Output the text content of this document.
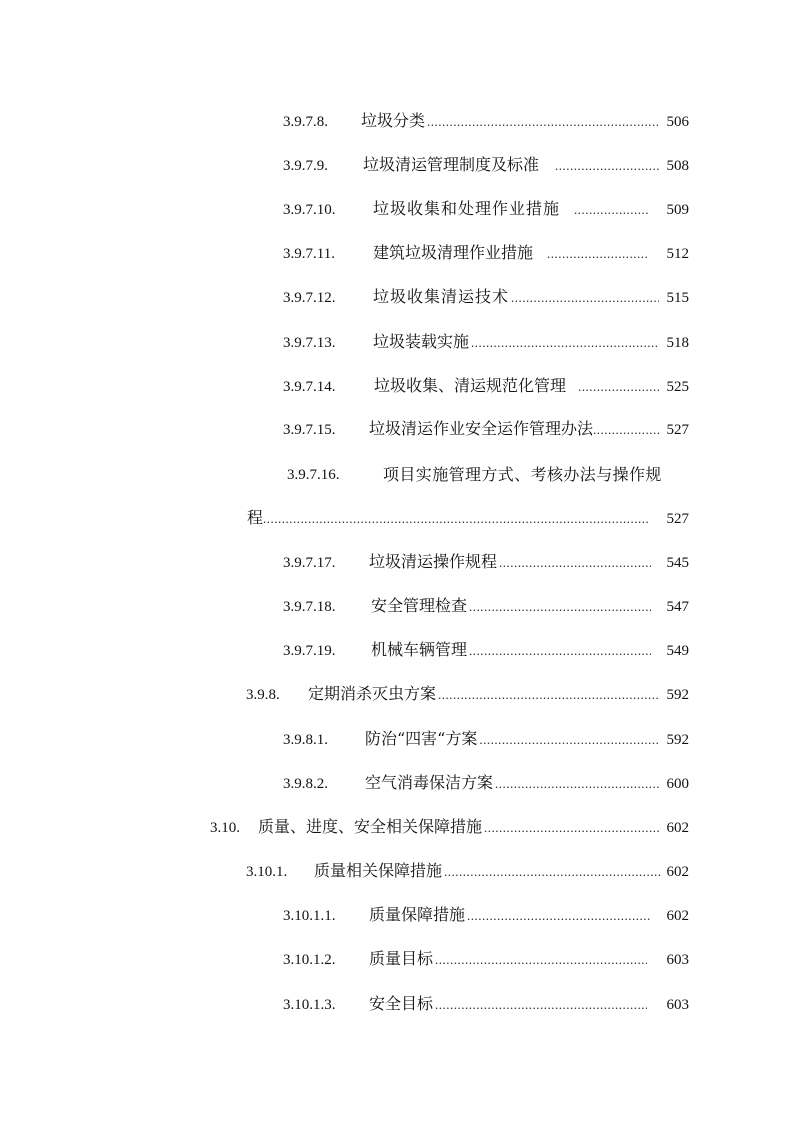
3.9.7.8.	垃圾分类 .....	506
3.9.7.9.	垃圾清运管理制度及标准 .....	508
3.9.7.10.	垃圾收集和处理作业措施 .....	509
3.9.7.11.	建筑垃圾清理作业措施 .....	512
3.9.7.12.	垃圾收集清运技术 .....	515
3.9.7.13.	垃圾装载实施 .....	518
3.9.7.14.	垃圾收集、清运规范化管理 .....	525
3.9.7.15.	垃圾清运作业安全运作管理办法 .....	527
3.9.7.16.	项目实施管理方式、考核办法与操作规
程 .....	527
3.9.7.17.	垃圾清运操作规程 .....	545
3.9.7.18.	安全管理检查 .....	547
3.9.7.19.	机械车辆管理 .....	549
3.9.8.	定期消杀灭虫方案 .....	592
3.9.8.1.	防治“四害“方案 .....	592
3.9.8.2.	空气消毒保洁方案 .....	600
3.10.	质量、进度、安全相关保障措施 .....	602
3.10.1.	质量相关保障措施 .....	602
3.10.1.1.	质量保障措施 .....	602
3.10.1.2.	质量目标 .....	603
3.10.1.3.	安全目标 .....	603
